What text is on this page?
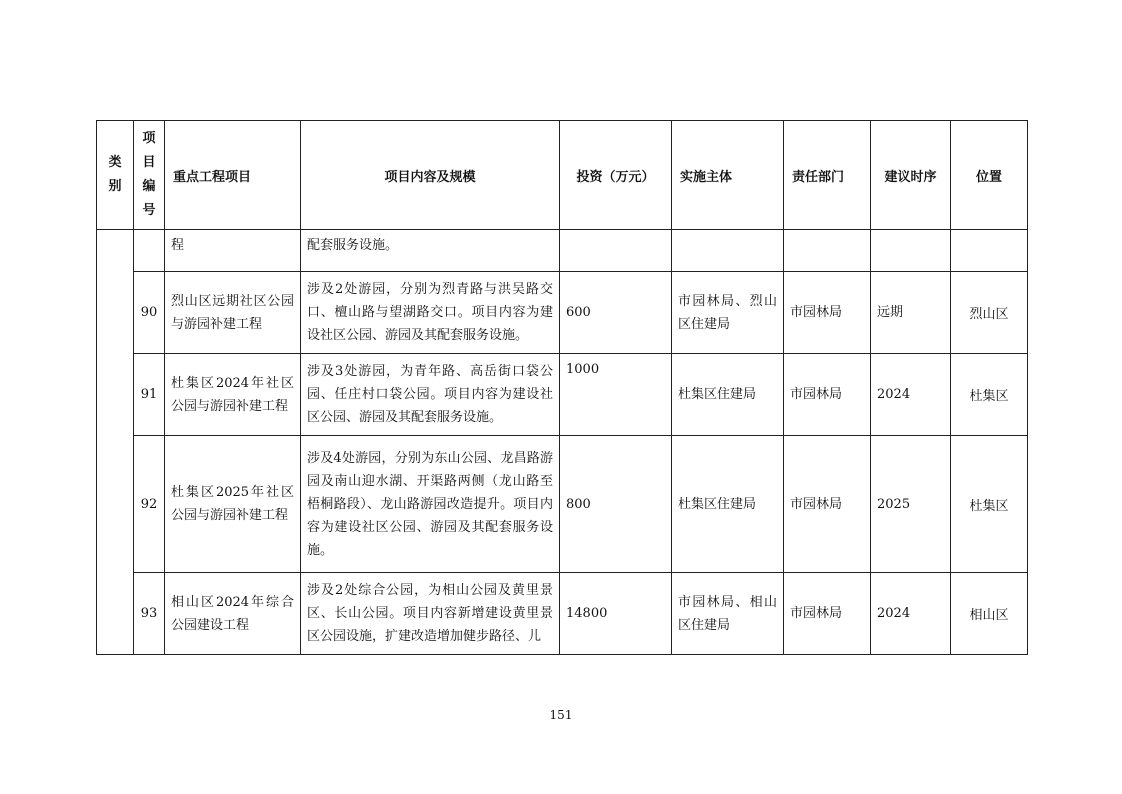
类别	项目编号	重点工程项目	项目内容及规模	投资（万元）	实施主体	责任部门	建议时序	位置

		程	配套服务设施。					

	90	烈山区远期社区公园与游园补建工程	涉及2处游园，分别为烈青路与洪吴路交口、檀山路与望湖路交口。项目内容为建设社区公园、游园及其配套服务设施。	600	市园林局、烈山区住建局	市园林局	远期	烈山区
	91	杜集区2024年社区公园与游园补建工程	涉及3处游园，为青年路、高岳街口袋公园、任庄村口袋公园。项目内容为建设社区公园、游园及其配套服务设施。	1000	杜集区住建局	市园林局	2024	杜集区
	92	杜集区2025年社区公园与游园补建工程	涉及4处游园，分别为东山公园、龙昌路游园及南山迎水湖、开渠路两侧（龙山路至梧桐路段）、龙山路游园改造提升。项目内容为建设社区公园、游园及其配套服务设施。	800	杜集区住建局	市园林局	2025	杜集区
	93	相山区2024年综合公园建设工程	涉及2处综合公园，为相山公园及黄里景区、长山公园。项目内容新增建设黄里景区公园设施，扩建改造增加健步路径、儿	14800	市园林局、相山区住建局	市园林局	2024	相山区
151
